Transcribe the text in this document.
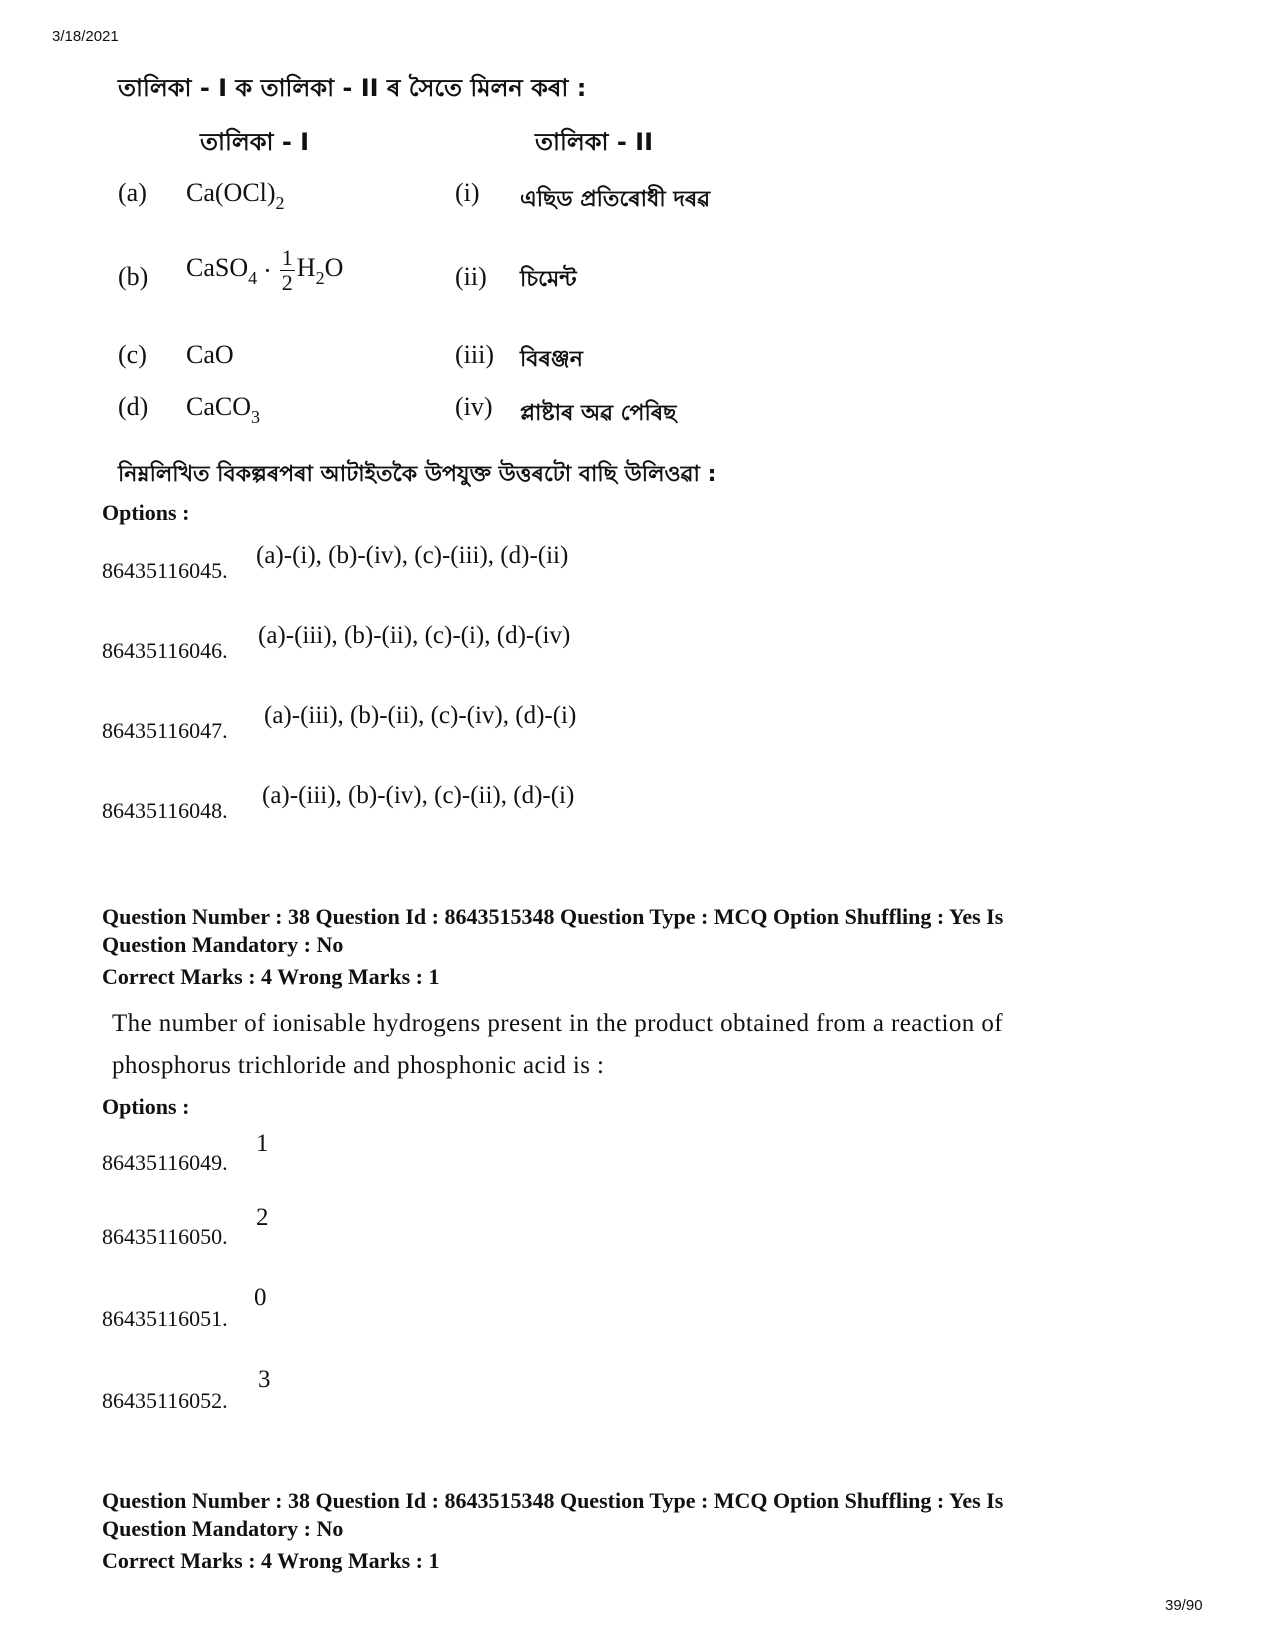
3/18/2021
39/90
তালিকা - I ক তালিকা - II ৰ সৈতে মিলন কৰা :
তালিকা - I	তালিকা - II
(a) $Ca(OCl)_2$	(i) এছিড প্রতিৰোধী দৰৱ
(b) CaSO$_4$ · $\frac{1}{2} H_2O$	(ii) চিমেন্ট
(c) CaO	(iii) বিৰঞ্জন
(d) CaCO$_3$	(iv) প্লাষ্টাৰ অৱ পেৰিছ
নিম্নলিখিত বিকল্পৰপৰা আটাইতকৈ উপযুক্ত উত্তৰটো বাছি উলিওৱা :
Options :
86435116045.
(a)-(i), (b)-(iv), (c)-(iii), (d)-(ii)
86435116046.
(a)-(iii), (b)-(ii), (c)-(i), (d)-(iv)
86435116047.
(a)-(iii), (b)-(ii), (c)-(iv), (d)-(i)
86435116048.
(a)-(iii), (b)-(iv), (c)-(ii), (d)-(i)
Question Number : 38 Question Id : 8643515348 Question Type : MCQ Option Shuffling : Yes Is
Question Mandatory : No
Correct Marks : 4 Wrong Marks : 1
The number of ionisable hydrogens present in the product obtained from a reaction of
phosphorus trichloride and phosphonic acid is :
Options :
86435116049.
1
86435116050.
2
86435116051.
0
86435116052.
3
Question Number : 38 Question Id : 8643515348 Question Type : MCQ Option Shuffling : Yes Is
Question Mandatory : No
Correct Marks : 4 Wrong Marks : 1
